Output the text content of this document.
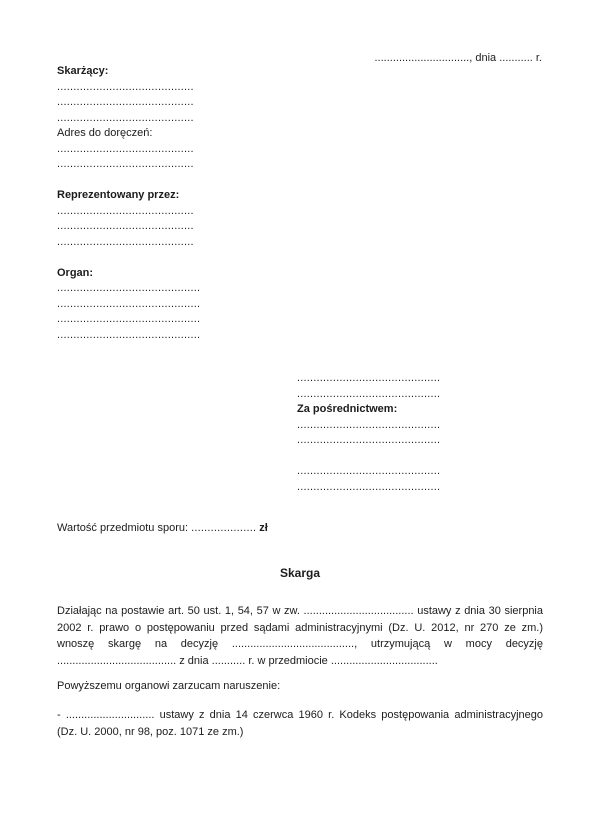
..............................., dnia ........... r.
Skarżący:
..........................................
..........................................
..........................................
Adres do doręczeń:
..........................................
..........................................
Reprezentowany przez:
..........................................
..........................................
..........................................
Organ:
............................................
............................................
............................................
............................................
............................................
............................................
Za pośrednictwem:
............................................
............................................
............................................
............................................
Wartość przedmiotu sporu: .................... zł
Skarga
Działając na postawie art. 50 ust. 1, 54, 57 w zw. .................................... ustawy z dnia 30 sierpnia 2002 r. prawo o postępowaniu przed sądami administracyjnymi (Dz. U. 2012, nr 270 ze zm.) wnoszę skargę na decyzję ........................................, utrzymującą w mocy decyzję ....................................... z dnia ........... r. w przedmiocie ...................................
Powyższemu organowi zarzucam naruszenie:
- ............................. ustawy z dnia 14 czerwca 1960 r. Kodeks postępowania administracyjnego (Dz. U. 2000, nr 98, poz. 1071 ze zm.)
